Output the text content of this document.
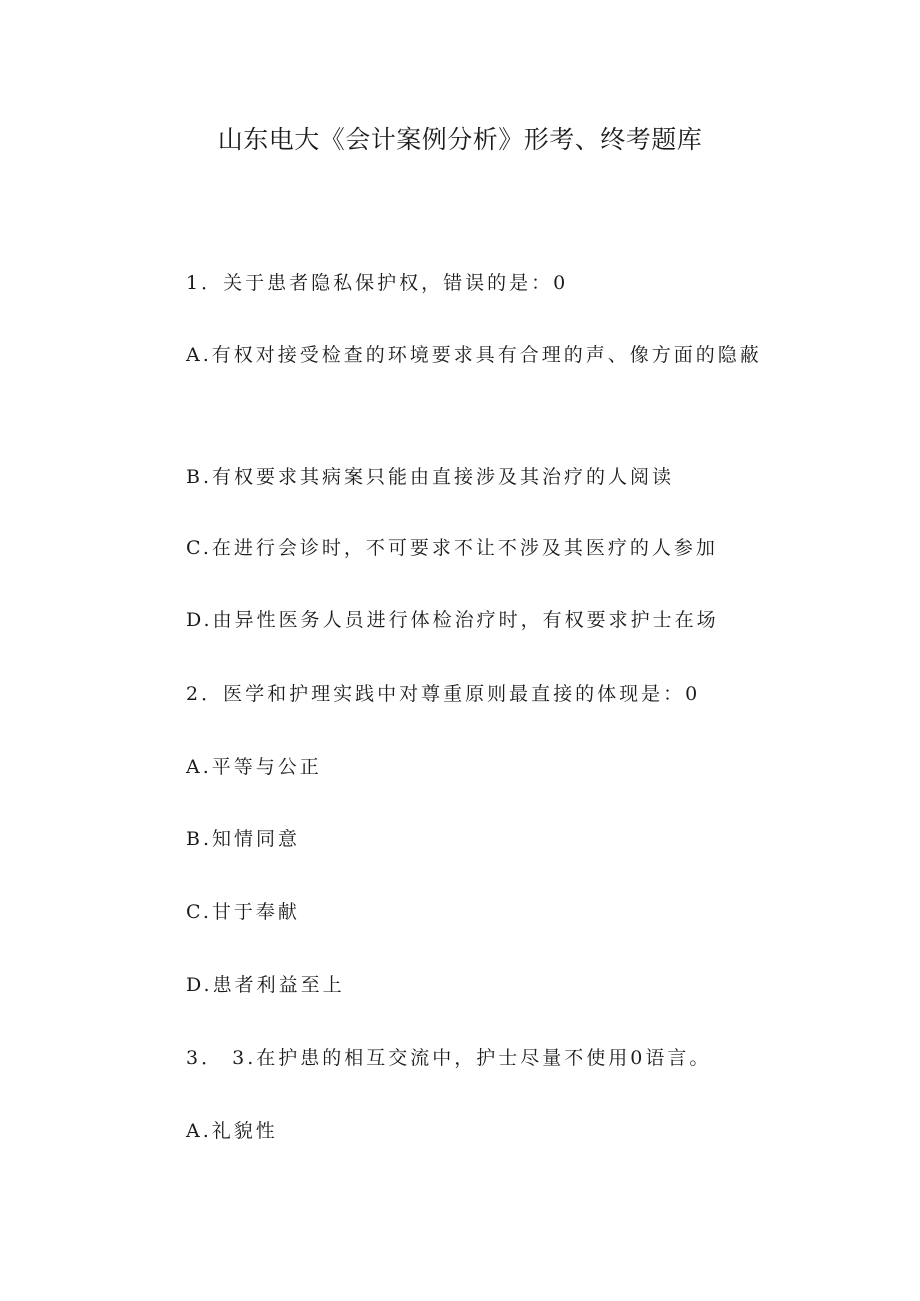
山东电大《会计案例分析》形考、终考题库
1．关于患者隐私保护权，错误的是：0
A.有权对接受检查的环境要求具有合理的声、像方面的隐蔽
B.有权要求其病案只能由直接涉及其治疗的人阅读
C.在进行会诊时，不可要求不让不涉及其医疗的人参加
D.由异性医务人员进行体检治疗时，有权要求护士在场
2．医学和护理实践中对尊重原则最直接的体现是：0
A.平等与公正
B.知情同意
C.甘于奉献
D.患者利益至上
3． 3.在护患的相互交流中，护士尽量不使用0语言。
A.礼貌性
